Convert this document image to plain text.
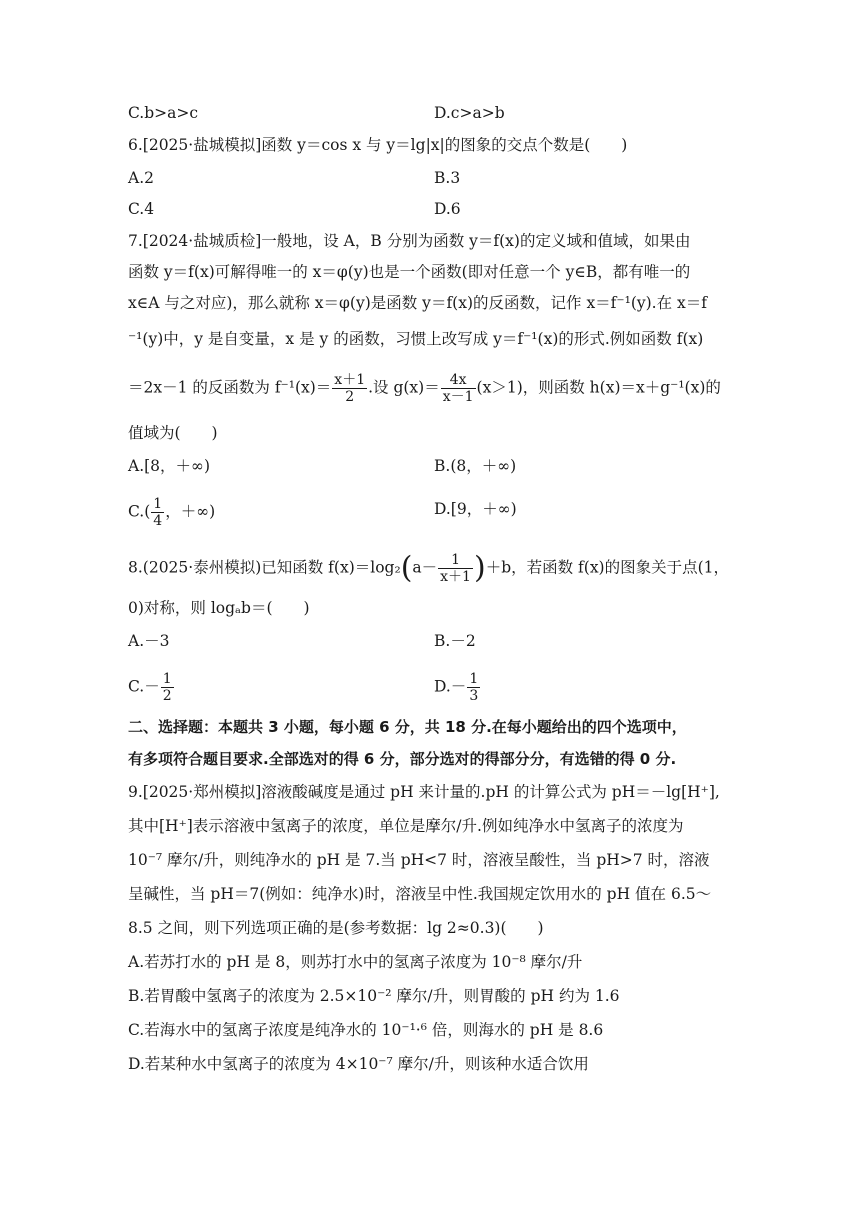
C.b>a>c	D.c>a>b
6.[2025·盐城模拟]函数 y＝cos x 与 y＝lg|x|的图象的交点个数是(　　)
A.2	B.3
C.4	D.6
7.[2024·盐城质检]一般地，设 A，B 分别为函数 y＝f(x)的定义域和值域，如果由
函数 y＝f(x)可解得唯一的 x＝φ(y)也是一个函数(即对任意一个 y∈B，都有唯一的
x∈A 与之对应)，那么就称 x＝φ(y)是函数 y＝f(x)的反函数，记作 x＝f⁻¹(y).在 x＝f
⁻¹(y)中，y 是自变量，x 是 y 的函数，习惯上改写成 y＝f⁻¹(x)的形式.例如函数 f(x)
＝2x－1 的反函数为 $f^{-1}(x)= \frac{x+1}{2}$ .设 $g(x)= \frac{4x}{x-1} (x>1)$，则函数 h(x)＝x＋g⁻¹(x)的
值域为(　　)
A.[8，＋∞)	B.(8，＋∞)
$C.( \frac{1}{4}$ ，＋∞)	D.[9，＋∞)
8.(2025·泰州模拟)已知函数 $f(x)=\log_2(a- \frac{1}{x+1} )+b$，若函数 f(x)的图象关于点(1，
0)对称，则 logₐb＝(　　)
A.－3	B.－2
$C.- \frac{1}{2}$	$D.- \frac{1}{3}$
二、选择题：本题共 3 小题，每小题 6 分，共 18 分.在每小题给出的四个选项中，
有多项符合题目要求.全部选对的得 6 分，部分选对的得部分分，有选错的得 0 分.
9.[2025·郑州模拟]溶液酸碱度是通过 pH 来计量的.pH 的计算公式为 pH＝－lg[H⁺],
其中[H⁺]表示溶液中氢离子的浓度，单位是摩尔/升.例如纯净水中氢离子的浓度为
10⁻⁷ 摩尔/升，则纯净水的 pH 是 7.当 pH<7 时，溶液呈酸性，当 pH>7 时，溶液
呈碱性，当 pH＝7(例如：纯净水)时，溶液呈中性.我国规定饮用水的 pH 值在 6.5～
8.5 之间，则下列选项正确的是(参考数据：lg 2≈0.3)(　　)
A.若苏打水的 pH 是 8，则苏打水中的氢离子浓度为 10⁻⁸ 摩尔/升
B.若胃酸中氢离子的浓度为 2.5×10⁻² 摩尔/升，则胃酸的 pH 约为 1.6
C.若海水中的氢离子浓度是纯净水的 10⁻¹·⁶ 倍，则海水的 pH 是 8.6
D.若某种水中氢离子的浓度为 4×10⁻⁷ 摩尔/升，则该种水适合饮用
